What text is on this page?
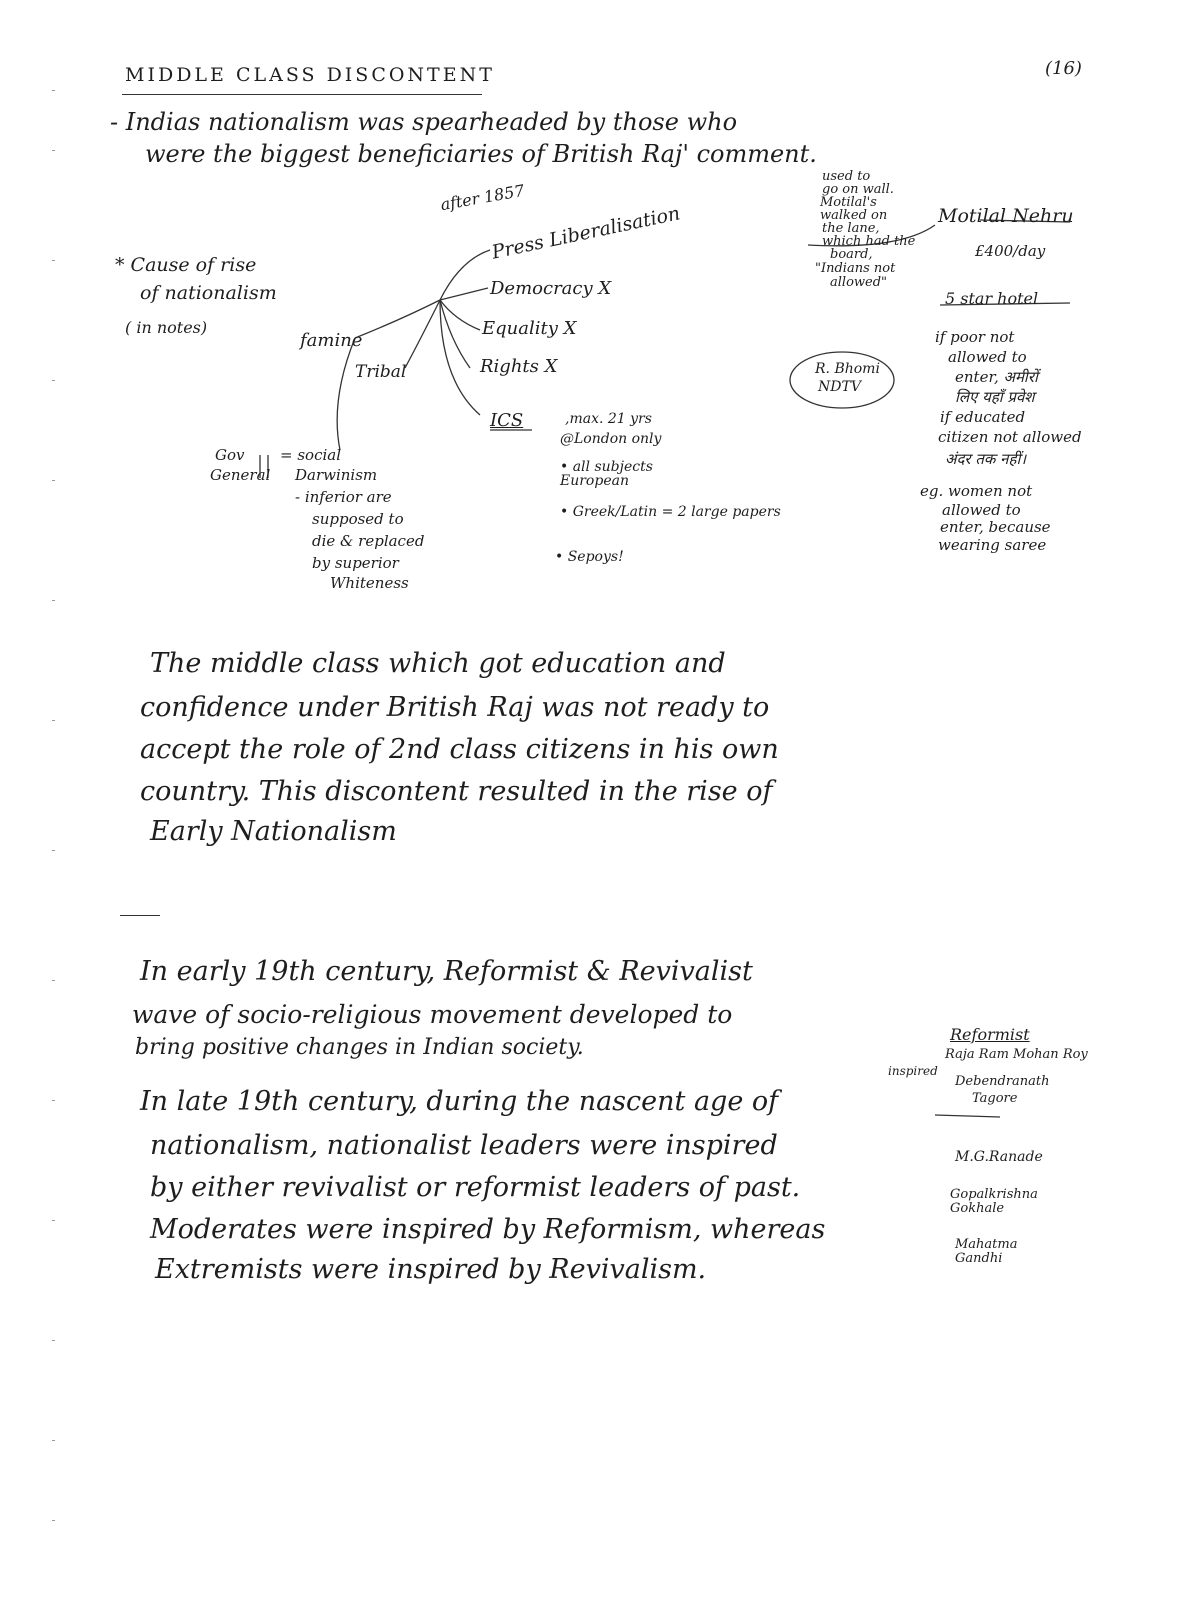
MIDDLE CLASS DISCONTENT	(16)
- Indias nationalism was spearheaded by those who
were the biggest beneficiaries of British Raj' comment.
after 1857
Press Liberalisation
Democracy X
Equality X
Rights X
ICS	,max. 21 yrs
@London only
• all subjects European
• Greek/Latin = 2 large papers
• Sepoys!
famine
Tribal
* Cause of rise
of nationalism
( in notes)
Gov
General
= social
Darwinism
- inferior are
supposed to
die & replaced
by superior
Whiteness
used to
go on wall.
Motilal's
walked on
the lane,
which had the
board,
"Indians not
allowed"
Motilal Nehru
£400/day
5 star hotel
if poor not
allowed to
enter, अमीरों
लिए यहाँ प्रवेश
if educated
citizen not allowed
अंदर तक नहीं।
eg. women not
allowed to
enter, because
wearing saree
R. Bhomi
NDTV
The middle class which got education and
confidence under British Raj was not ready to
accept the role of 2nd class citizens in his own
country. This discontent resulted in the rise of
Early Nationalism
In early 19th century, Reformist & Revivalist
wave of socio-religious movement developed to
bring positive changes in Indian society.
In late 19th century, during the nascent age of
nationalism, nationalist leaders were inspired
by either revivalist or reformist leaders of past.
Moderates were inspired by Reformism, whereas
Extremists were inspired by Revivalism.
Reformist
Raja Ram Mohan Roy
inspired
Debendranath
Tagore
M.G.Ranade
Gopalkrishna Gokhale
Mahatma Gandhi
